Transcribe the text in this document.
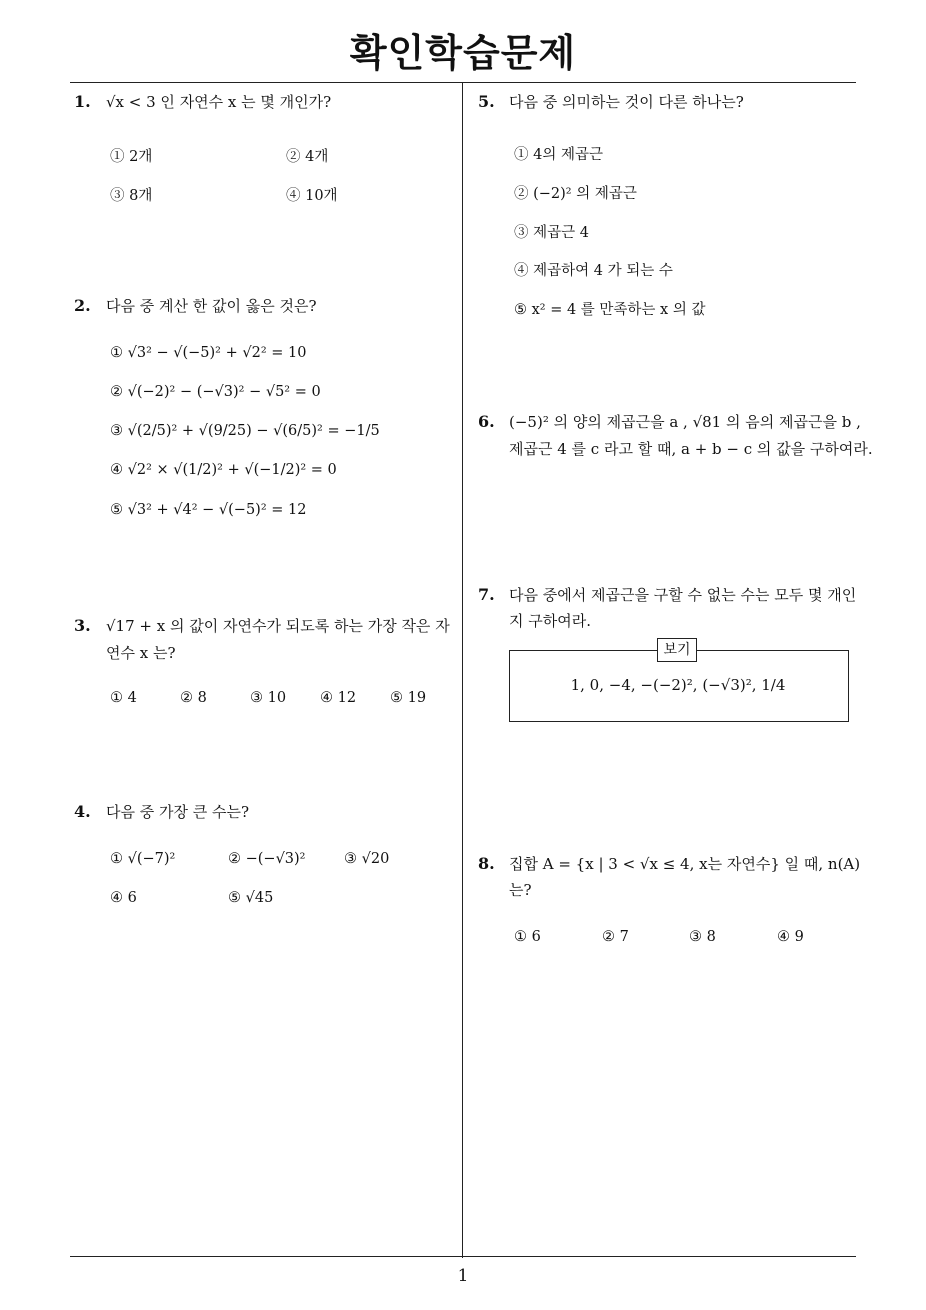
확인학습문제
1
1. √x < 3 인 자연수 x 는 몇 개인가?
① 2개	② 4개
③ 8개	④ 10개
2. 다음 중 계산 한 값이 옳은 것은?
① √3² − √(−5)² + √2² = 10
② √(−2)² − (−√3)² − √5² = 0
③ √(2/5)² + √(9/25) − √(6/5)² = −1/5
④ √2² × √(1/2)² + √(−1/2)² = 0
⑤ √3² + √4² − √(−5)² = 12
3. √17 + x 의 값이 자연수가 되도록 하는 가장 작은 자
연수 x 는?
① 4	② 8	③ 10 ④ 12 ⑤ 19
4. 다음 중 가장 큰 수는?
① √(−7)²	② −(−√3)²	③ √20
④ 6	⑤ √45
5. 다음 중 의미하는 것이 다른 하나는?
① 4의 제곱근
② (−2)² 의 제곱근
③ 제곱근 4
④ 제곱하여 4 가 되는 수
⑤ x² = 4 를 만족하는 x 의 값
6. (−5)² 의 양의 제곱근을 a , √81 의 음의 제곱근을 b ,
제곱근 4 를 c 라고 할 때, a + b − c 의 값을 구하여라.
7. 다음 중에서 제곱근을 구할 수 없는 수는 모두 몇 개인
지 구하여라.
보기
1, 0, −4, −(−2)², (−√3)², 1/4
8. 집합 A = {x | 3 < √x ≤ 4, x는 자연수} 일 때, n(A)
는?
① 6	② 7	③ 8	④ 9
